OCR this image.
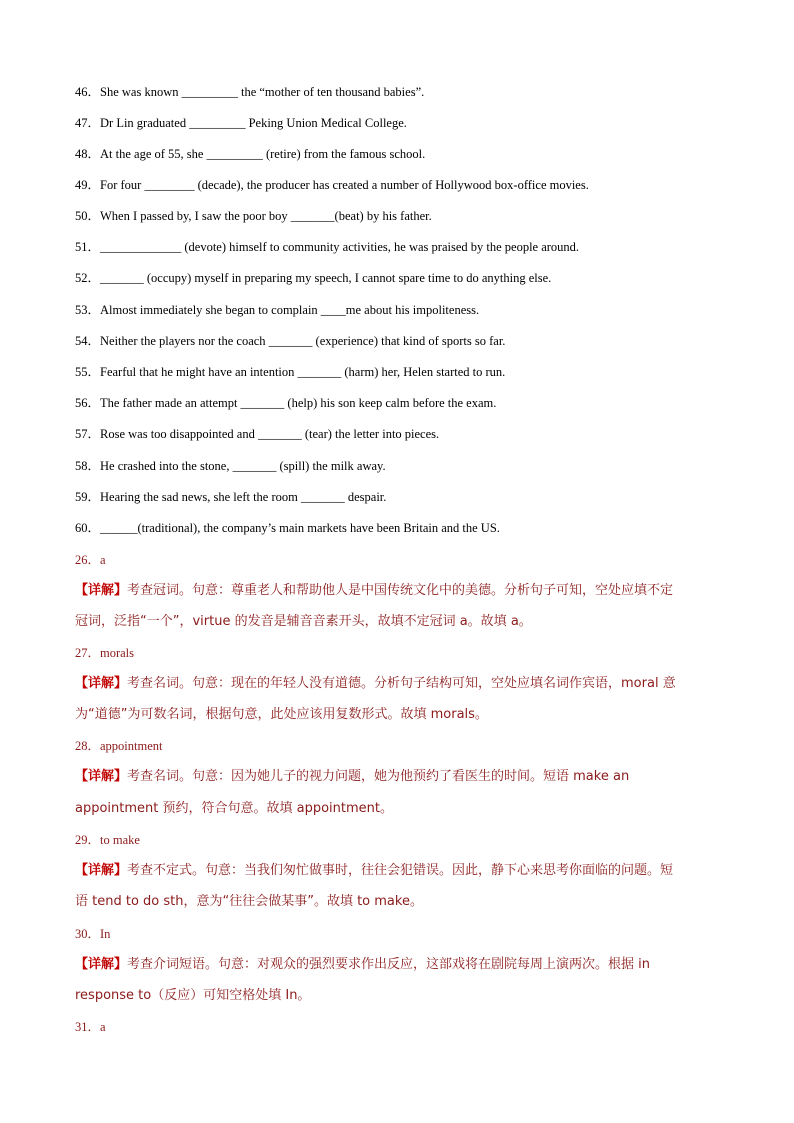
46．She was known _________ the “mother of ten thousand babies”.
47．Dr Lin graduated _________ Peking Union Medical College.
48．At the age of 55, she _________ (retire) from the famous school.
49．For four ________ (decade), the producer has created a number of Hollywood box-office movies.
50．When I passed by, I saw the poor boy _______(beat) by his father.
51．_____________ (devote) himself to community activities, he was praised by the people around.
52．_______ (occupy) myself in preparing my speech, I cannot spare time to do anything else.
53．Almost immediately she began to complain ____me about his impoliteness.
54．Neither the players nor the coach _______ (experience) that kind of sports so far.
55．Fearful that he might have an intention _______ (harm) her, Helen started to run.
56．The father made an attempt _______ (help) his son keep calm before the exam.
57．Rose was too disappointed and _______ (tear) the letter into pieces.
58．He crashed into the stone, _______ (spill) the milk away.
59．Hearing the sad news, she left the room _______ despair.
60．______(traditional), the company’s main markets have been Britain and the US.
26．a
【详解】考查冠词。句意：尊重老人和帮助他人是中国传统文化中的美德。分析句子可知，空处应填不定
冠词，泛指“一个”，virtue 的发音是辅音音素开头，故填不定冠词 a。故填 a。
27．morals
【详解】考查名词。句意：现在的年轻人没有道德。分析句子结构可知，空处应填名词作宾语，moral 意
为“道德”为可数名词，根据句意，此处应该用复数形式。故填 morals。
28．appointment
【详解】考查名词。句意：因为她儿子的视力问题，她为他预约了看医生的时间。短语 make an
appointment 预约，符合句意。故填 appointment。
29．to make
【详解】考查不定式。句意：当我们匆忙做事时，往往会犯错误。因此，静下心来思考你面临的问题。短
语 tend to do sth，意为“往往会做某事”。故填 to make。
30．In
【详解】考查介词短语。句意：对观众的强烈要求作出反应，这部戏将在剧院每周上演两次。根据 in
response to（反应）可知空格处填 In。
31．a
